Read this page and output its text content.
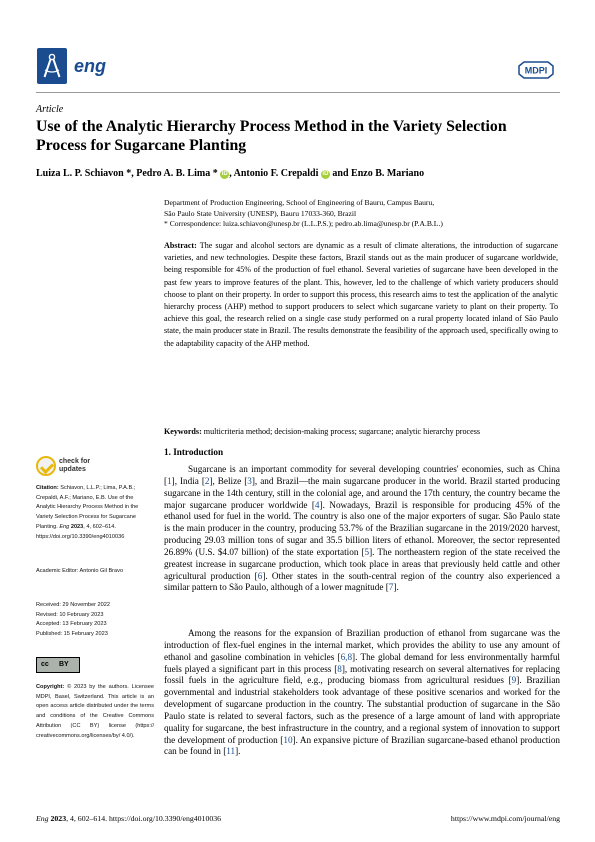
eng	MDPI
Article
Use of the Analytic Hierarchy Process Method in the Variety Selection Process for Sugarcane Planting
Luiza L. P. Schiavon *, Pedro A. B. Lima * iD , Antonio F. Crepaldi iD and Enzo B. Mariano
Department of Production Engineering, School of Engineering of Bauru, Campus Bauru,
São Paulo State University (UNESP), Bauru 17033-360, Brazil
* Correspondence: luiza.schiavon@unesp.br (L.L.P.S.); pedro.ab.lima@unesp.br (P.A.B.L.)
Abstract: The sugar and alcohol sectors are dynamic as a result of climate alterations, the introduction of sugarcane varieties, and new technologies. Despite these factors, Brazil stands out as the main producer of sugarcane worldwide, being responsible for 45% of the production of fuel ethanol. Several varieties of sugarcane have been developed in the past few years to improve features of the plant. This, however, led to the challenge of which variety producers should choose to plant on their property. In order to support this process, this research aims to test the application of the analytic hierarchy process (AHP) method to support producers to select which sugarcane variety to plant on their property. To achieve this goal, the research relied on a single case study performed on a rural property located inland of São Paulo state, the main producer state in Brazil. The results demonstrate the feasibility of the approach used, specifically owing to the adaptability capacity of the AHP method.
Keywords: multicriteria method; decision-making process; sugarcane; analytic hierarchy process
check for
updates
Citation: Schiavon, L.L.P.; Lima, P.A.B.; Crepaldi, A.F.; Mariano, E.B. Use of the Analytic Hierarchy Process Method in the Variety Selection Process for Sugarcane Planting. Eng 2023, 4, 602–614. https://doi.org/10.3390/eng4010036
Academic Editor: Antonio Gil Bravo
Received: 29 November 2022
Revised: 10 February 2023
Accepted: 13 February 2023
Published: 15 February 2023
cc BY
Copyright: © 2023 by the authors. Licensee MDPI, Basel, Switzerland. This article is an open access article distributed under the terms and conditions of the Creative Commons Attribution (CC BY) license (https:// creativecommons.org/licenses/by/ 4.0/).
1. Introduction
Sugarcane is an important commodity for several developing countries' economies, such as China [1], India [2], Belize [3], and Brazil—the main sugarcane producer in the world. Brazil started producing sugarcane in the 14th century, still in the colonial age, and around the 17th century, the country became the major sugarcane producer worldwide [4]. Nowadays, Brazil is responsible for producing 45% of the ethanol used for fuel in the world. The country is also one of the major exporters of sugar. São Paulo state is the main producer in the country, producing 53.7% of the Brazilian sugarcane in the 2019/2020 harvest, producing 29.03 million tons of sugar and 35.5 billion liters of ethanol. Moreover, the sector represented 26.89% (U.S. $4.07 billion) of the state exportation [5]. The northeastern region of the state received the greatest increase in sugarcane production, which took place in areas that previously held cattle and other agricultural production [6]. Other states in the south-central region of the country also experienced a similar pattern to São Paulo, although of a lower magnitude [7].
Among the reasons for the expansion of Brazilian production of ethanol from sugarcane was the introduction of flex-fuel engines in the internal market, which provides the ability to use any amount of ethanol and gasoline combination in vehicles [6,8]. The global demand for less environmentally harmful fuels played a significant part in this process [8], motivating research on several alternatives for replacing fossil fuels in the agriculture field, e.g., producing biomass from agricultural residues [9]. Brazilian governmental and industrial stakeholders took advantage of these positive scenarios and worked for the development of sugarcane production in the country. The substantial production of sugarcane in the São Paulo state is related to several factors, such as the presence of a large amount of land with appropriate quality for sugarcane, the best infrastructure in the country, and a regional system of innovation to support the development of production [10]. An expansive picture of Brazilian sugarcane-based ethanol production can be found in [11].
Eng 2023, 4, 602–614. https://doi.org/10.3390/eng4010036	https://www.mdpi.com/journal/eng
